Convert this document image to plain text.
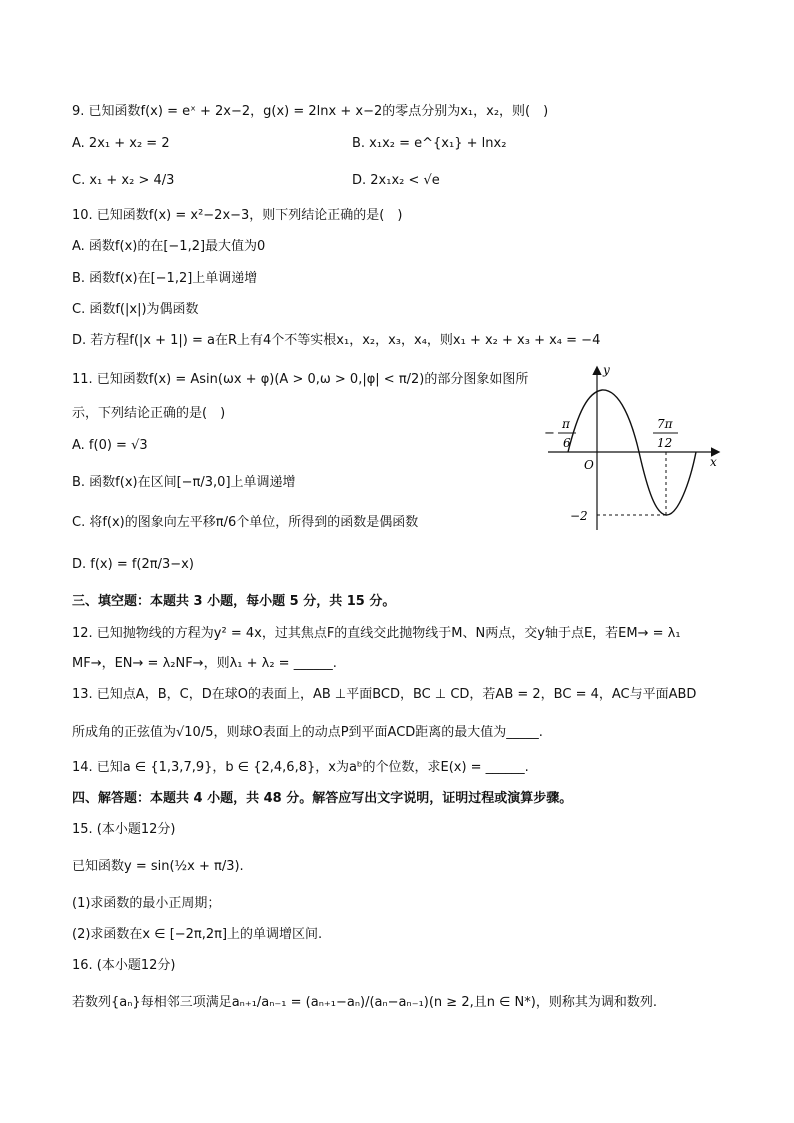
9. 已知函数f(x) = eˣ + 2x−2，g(x) = 2lnx + x−2的零点分别为x₁，x₂，则(　)
A. 2x₁ + x₂ = 2	B. x₁x₂ = e^{x₁} + lnx₂
C. x₁ + x₂ > 4/3	D. 2x₁x₂ < √e
10. 已知函数f(x) = x²−2x−3，则下列结论正确的是(　)
A. 函数f(x)的在[−1,2]最大值为0
B. 函数f(x)在[−1,2]上单调递增
C. 函数f(|x|)为偶函数
D. 若方程f(|x + 1|) = a在R上有4个不等实根x₁，x₂，x₃，x₄，则x₁ + x₂ + x₃ + x₄ = −4
11. 已知函数f(x) = Asin(ωx + φ)(A > 0,ω > 0,|φ| < π/2)的部分图象如图所
示，下列结论正确的是(　)
A. f(0) = √3
B. 函数f(x)在区间[−π/3,0]上单调递增
C. 将f(x)的图象向左平移π/6个单位，所得到的函数是偶函数
D. f(x) = f(2π/3−x)
y
x
O
−
π
6
7π
12
−2
三、填空题：本题共 3 小题，每小题 5 分，共 15 分。
12. 已知抛物线的方程为y² = 4x，过其焦点F的直线交此抛物线于M、N两点，交y轴于点E，若EM→ = λ₁
MF→，EN→ = λ₂NF→，则λ₁ + λ₂ = ______.
13. 已知点A，B，C，D在球O的表面上，AB ⊥平面BCD，BC ⊥ CD，若AB = 2，BC = 4，AC与平面ABD
所成角的正弦值为√10/5，则球O表面上的动点P到平面ACD距离的最大值为_____.
14. 已知a ∈ {1,3,7,9}，b ∈ {2,4,6,8}，x为aᵇ的个位数，求E(x) = ______.
四、解答题：本题共 4 小题，共 48 分。解答应写出文字说明，证明过程或演算步骤。
15. (本小题12分)
已知函数y = sin(½x + π/3).
(1)求函数的最小正周期；
(2)求函数在x ∈ [−2π,2π]上的单调增区间.
16. (本小题12分)
若数列{aₙ}每相邻三项满足aₙ₊₁/aₙ₋₁ = (aₙ₊₁−aₙ)/(aₙ−aₙ₋₁)(n ≥ 2,且n ∈ N*)，则称其为调和数列.
